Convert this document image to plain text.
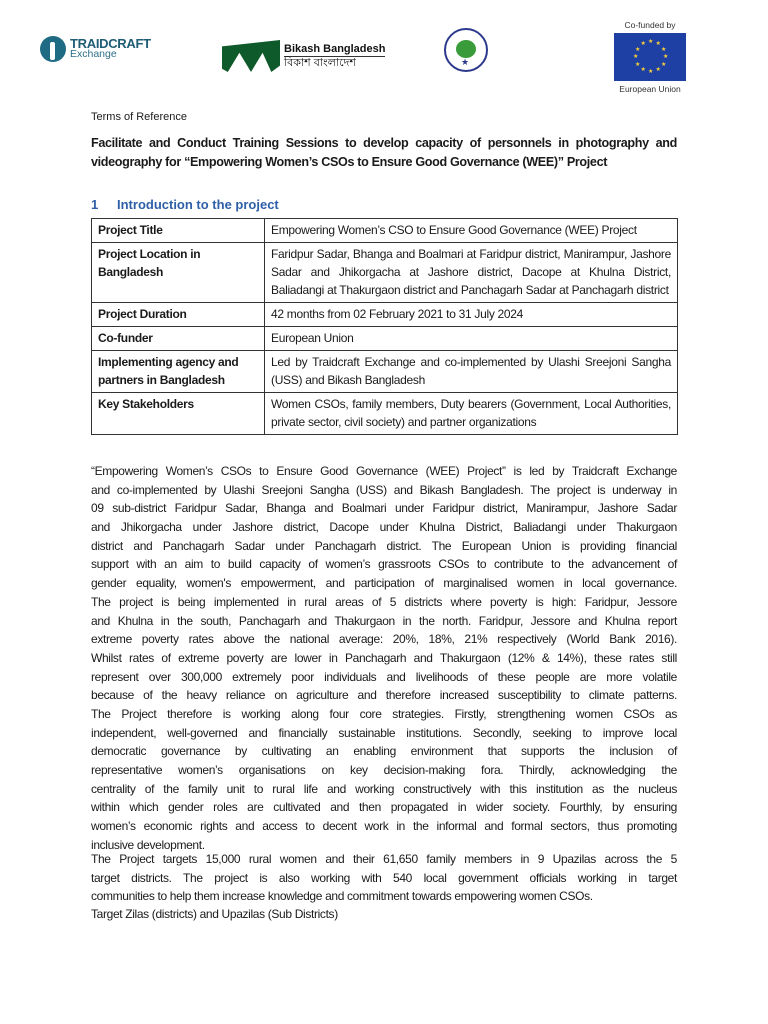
TRAIDCRAFT
Exchange	Bikash Bangladesh
বিকাশ বাংলাদেশ	★
Co-funded by
★
★
★
★
★
★
★
★
★ ★ ★
★
European Union
Terms of Reference
Facilitate and Conduct Training Sessions to develop capacity of personnels in photography and videography for “Empowering Women’s CSOs to Ensure Good Governance (WEE)” Project
1 Introduction to the project
Project Title	Empowering Women’s CSO to Ensure Good Governance (WEE) Project
Project Location in Bangladesh	Faridpur Sadar, Bhanga and Boalmari at Faridpur district, Manirampur, Jashore Sadar and Jhikorgacha at Jashore district, Dacope at Khulna District, Baliadangi at Thakurgaon district and Panchagarh Sadar at Panchagarh district
Project Duration	42 months from 02 February 2021 to 31 July 2024
Co-funder	European Union
Implementing agency and partners in Bangladesh	Led by Traidcraft Exchange and co-implemented by Ulashi Sreejoni Sangha (USS) and Bikash Bangladesh
Key Stakeholders	Women CSOs, family members, Duty bearers (Government, Local Authorities, private sector, civil society) and partner organizations
“Empowering Women’s CSOs to Ensure Good Governance (WEE) Project” is led by Traidcraft Exchange
and co-implemented by Ulashi Sreejoni Sangha (USS) and Bikash Bangladesh. The project is underway in
09 sub-district Faridpur Sadar, Bhanga and Boalmari under Faridpur district, Manirampur, Jashore Sadar
and Jhikorgacha under Jashore district, Dacope under Khulna District, Baliadangi under Thakurgaon
district and Panchagarh Sadar under Panchagarh district. The European Union is providing financial
support with an aim to build capacity of women’s grassroots CSOs to contribute to the advancement of
gender equality, women's empowerment, and participation of marginalised women in local governance.
The project is being implemented in rural areas of 5 districts where poverty is high: Faridpur, Jessore
and Khulna in the south, Panchagarh and Thakurgaon in the north. Faridpur, Jessore and Khulna report
extreme poverty rates above the national average: 20%, 18%, 21% respectively (World Bank 2016).
Whilst rates of extreme poverty are lower in Panchagarh and Thakurgaon (12% & 14%), these rates still
represent over 300,000 extremely poor individuals and livelihoods of these people are more volatile
because of the heavy reliance on agriculture and therefore increased susceptibility to climate patterns.
The Project therefore is working along four core strategies. Firstly, strengthening women CSOs as
independent, well-governed and financially sustainable institutions. Secondly, seeking to improve local
democratic governance by cultivating an enabling environment that supports the inclusion of
representative women’s organisations on key decision-making fora. Thirdly, acknowledging the
centrality of the family unit to rural life and working constructively with this institution as the nucleus
within which gender roles are cultivated and then propagated in wider society. Fourthly, by ensuring
women’s economic rights and access to decent work in the informal and formal sectors, thus promoting
inclusive development.
The Project targets 15,000 rural women and their 61,650 family members in 9 Upazilas across the 5
target districts. The project is also working with 540 local government officials working in target
communities to help them increase knowledge and commitment towards empowering women CSOs.
Target Zilas (districts) and Upazilas (Sub Districts)
